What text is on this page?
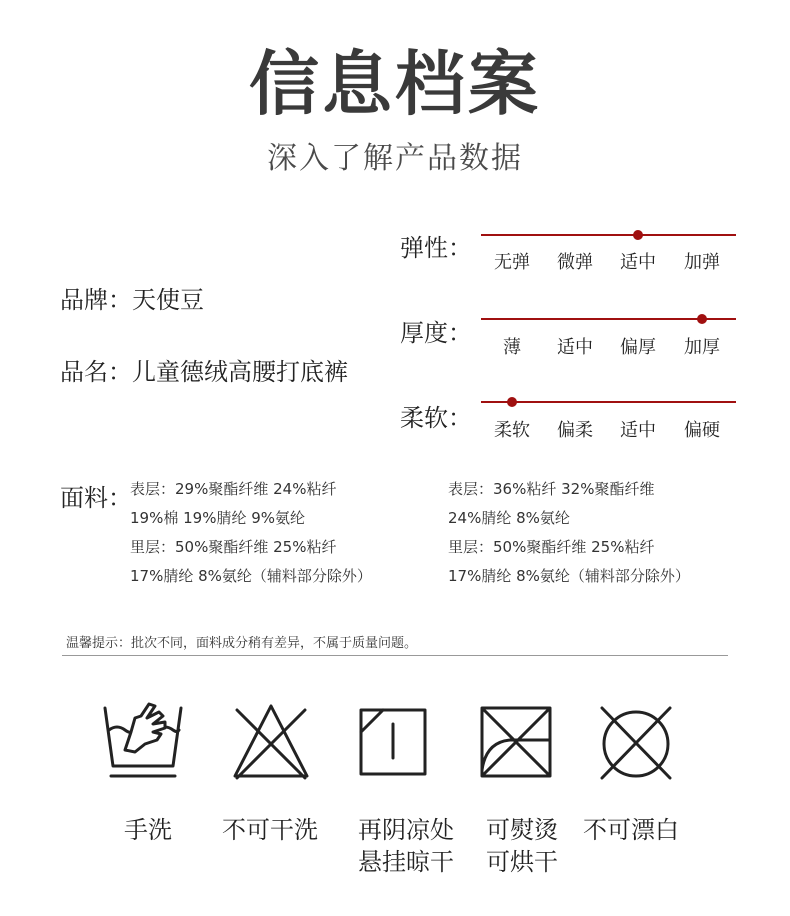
信息档案
深入了解产品数据
品牌：天使豆
品名：儿童德绒高腰打底裤
弹性：
无弹	微弹	适中	加弹
厚度：
薄	适中	偏厚	加厚
柔软：	柔软	偏柔	适中	偏硬
面料：
表层：29%聚酯纤维 24%粘纤
19%棉 19%腈纶 9%氨纶
里层：50%聚酯纤维 25%粘纤
17%腈纶 8%氨纶（辅料部分除外）
表层：36%粘纤 32%聚酯纤维
24%腈纶 8%氨纶
里层：50%聚酯纤维 25%粘纤
17%腈纶 8%氨纶（辅料部分除外）
温馨提示：批次不同，面料成分稍有差异，不属于质量问题。
手洗	不可干洗	再阴凉处
悬挂晾干
可熨烫
可烘干
不可漂白
